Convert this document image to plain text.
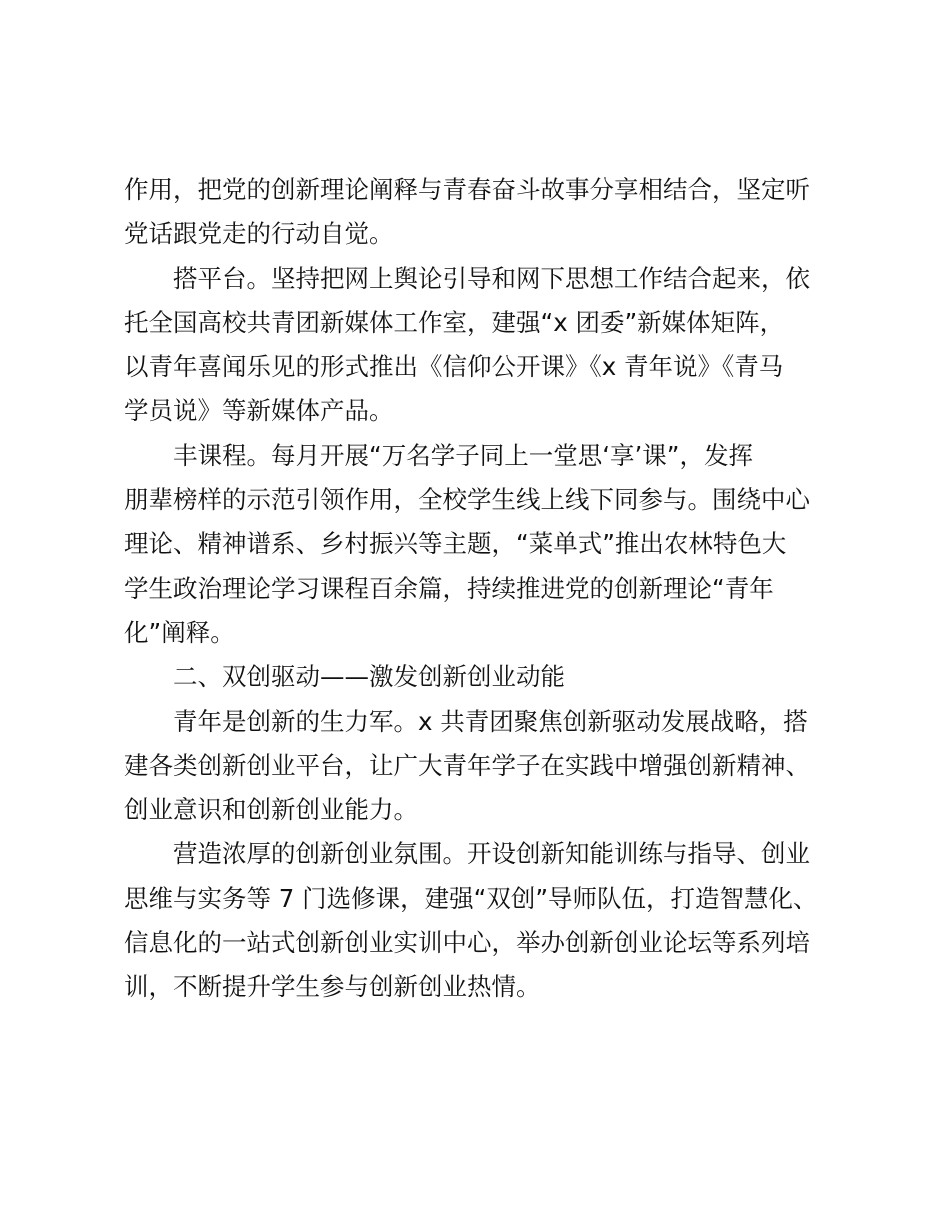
作用，把党的创新理论阐释与青春奋斗故事分享相结合，坚定听
党话跟党走的行动自觉。
搭平台。坚持把网上舆论引导和网下思想工作结合起来，依
托全国高校共青团新媒体工作室，建强“x 团委”新媒体矩阵，
以青年喜闻乐见的形式推出《信仰公开课》《x 青年说》《青马
学员说》等新媒体产品。
丰课程。每月开展“万名学子同上一堂思‘享’课”，发挥
朋辈榜样的示范引领作用，全校学生线上线下同参与。围绕中心
理论、精神谱系、乡村振兴等主题，“菜单式”推出农林特色大
学生政治理论学习课程百余篇，持续推进党的创新理论“青年
化”阐释。
二、双创驱动——激发创新创业动能
青年是创新的生力军。x 共青团聚焦创新驱动发展战略，搭
建各类创新创业平台，让广大青年学子在实践中增强创新精神、
创业意识和创新创业能力。
营造浓厚的创新创业氛围。开设创新知能训练与指导、创业
思维与实务等 7 门选修课，建强“双创”导师队伍，打造智慧化、
信息化的一站式创新创业实训中心，举办创新创业论坛等系列培
训，不断提升学生参与创新创业热情。
